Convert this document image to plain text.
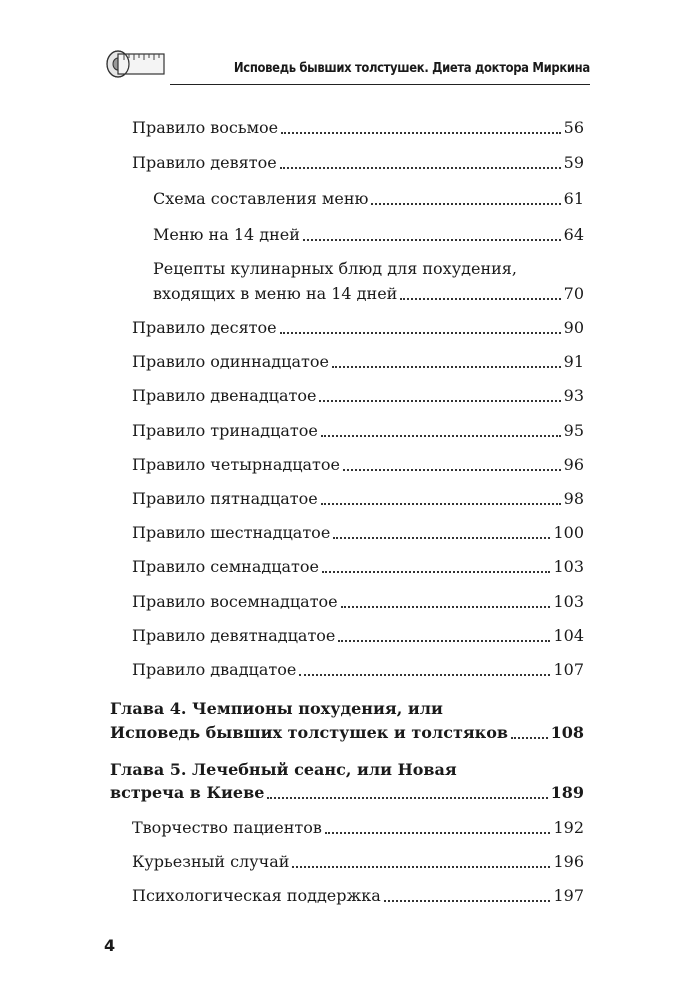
Исповедь бывших толстушек. Диета доктора Миркина
Правило восьмое	56
Правило девятое	59
Схема составления меню	61
Меню на 14 дней	64
Рецепты кулинарных блюд для похудения,
входящих в меню на 14 дней	70
Правило десятое	90
Правило одиннадцатое	91
Правило двенадцатое	93
Правило тринадцатое	95
Правило четырнадцатое	96
Правило пятнадцатое	98
Правило шестнадцатое	100
Правило семнадцатое	103
Правило восемнадцатое	103
Правило девятнадцатое	104
Правило двадцатое	107
Глава 4. Чемпионы похудения, или
Исповедь бывших толстушек и толстяков	108
Глава 5. Лечебный сеанс, или Новая
встреча в Киеве	189
Творчество пациентов	192
Курьезный случай	196
Психологическая поддержка	197
4
